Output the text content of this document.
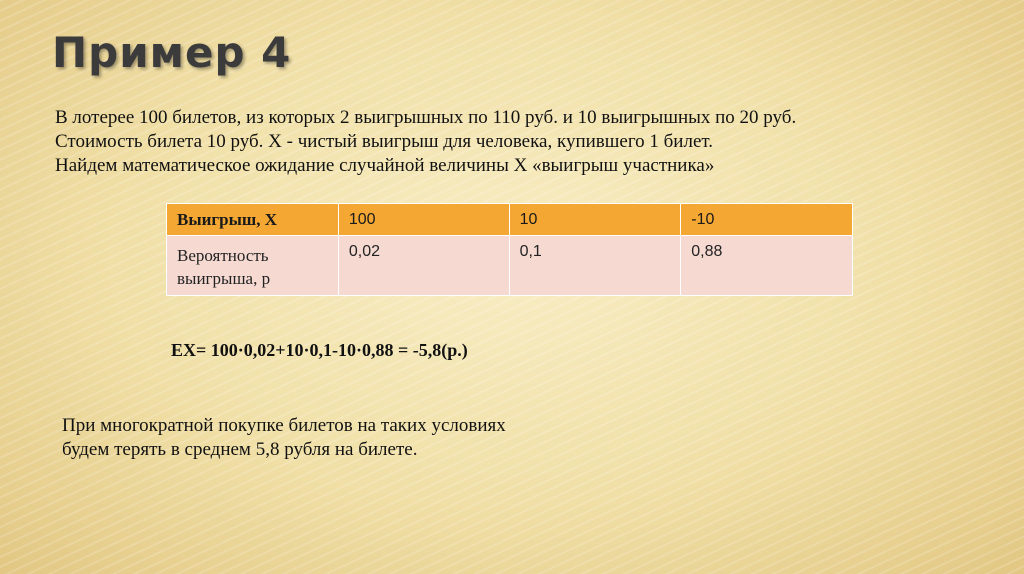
Пример 4
В лотерее 100 билетов, из которых 2 выигрышных по 110 руб. и 10 выигрышных по 20 руб.
Стоимость билета 10 руб. Х - чистый выигрыш для человека, купившего 1 билет.
Найдем математическое ожидание случайной величины Х «выигрыш участника»
Выигрыш, Х	100	10	-10

Вероятность
выигрыша, р	0,02	0,1	0,88
ЕХ= 100·0,02+10·0,1-10·0,88 = -5,8(р.)
При многократной покупке билетов на таких условиях
будем терять в среднем 5,8 рубля на билете.
